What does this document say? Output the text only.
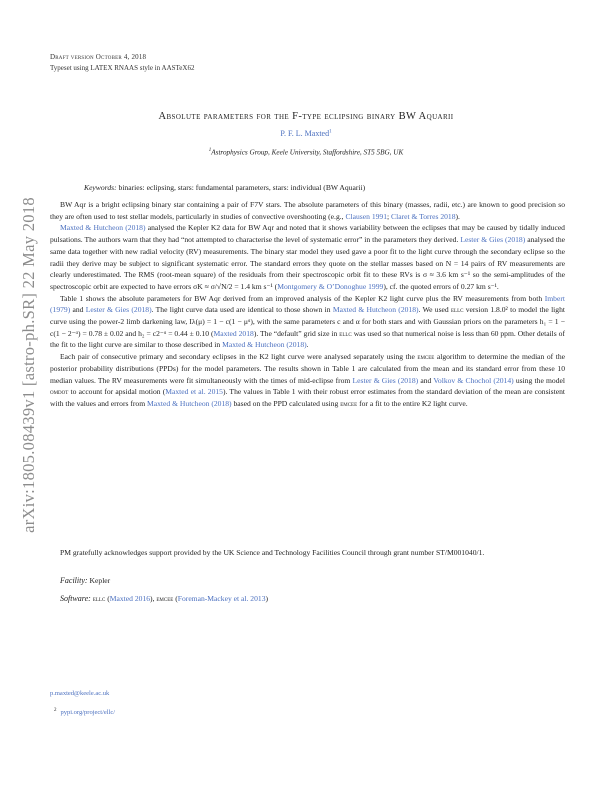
Draft version October 4, 2018
Typeset using LATEX RNAAS style in AASTeX62
arXiv:1805.08439v1 [astro-ph.SR] 22 May 2018
Absolute parameters for the F-type eclipsing binary BW Aquarii
P. F. L. Maxted$^1$
$^1$Astrophysics Group, Keele University, Staffordshire, ST5 5BG, UK
Keywords: binaries: eclipsing, stars: fundamental parameters, stars: individual (BW Aquarii)

BW Aqr is a bright eclipsing binary star containing a pair of F7V stars. The absolute parameters of this binary (masses, radii, etc.) are known to good precision so they are often used to test stellar models, particularly in studies of convective overshooting (e.g., Clausen 1991; Claret & Torres 2018).

Maxted & Hutcheon (2018) analysed the Kepler K2 data for BW Aqr and noted that it shows variability between the eclipses that may be caused by tidally induced pulsations. The authors warn that they had “not attempted to characterise the level of systematic error” in the parameters they derived. Lester & Gies (2018) analysed the same data together with new radial velocity (RV) measurements. The binary star model they used gave a poor fit to the light curve through the secondary eclipse so the radii they derive may be subject to significant systematic error. The standard errors they quote on the stellar masses based on N = 14 pairs of RV measurements are clearly underestimated. The RMS (root-mean square) of the residuals from their spectroscopic orbit fit to these RVs is σ ≈ 3.6 km s⁻¹ so the semi-amplitudes of the spectroscopic orbit are expected to have errors σK ≈ σ/√N/2 = 1.4 km s⁻¹ (Montgomery & O’Donoghue 1999), cf. the quoted errors of 0.27 km s⁻¹.

Table 1 shows the absolute parameters for BW Aqr derived from an improved analysis of the Kepler K2 light curve plus the RV measurements from both Imbert (1979) and Lester & Gies (2018). The light curve data used are identical to those shown in Maxted & Hutcheon (2018). We used ellc version 1.8.0² to model the light curve using the power-2 limb darkening law, Iλ(μ) = 1 − c(1 − μᵅ), with the same parameters c and α for both stars and with Gaussian priors on the parameters h₁ = 1 − c(1 − 2⁻ᵅ) = 0.78 ± 0.02 and h₂ = c2⁻ᵅ = 0.44 ± 0.10 (Maxted 2018). The “default” grid size in ellc was used so that numerical noise is less than 60 ppm. Other details of the fit to the light curve are similar to those described in Maxted & Hutcheon (2018).

Each pair of consecutive primary and secondary eclipses in the K2 light curve were analysed separately using the emcee algorithm to determine the median of the posterior probability distributions (PPDs) for the model parameters. The results shown in Table 1 are calculated from the mean and its standard error from these 10 median values. The RV measurements were fit simultaneously with the times of mid-eclipse from Lester & Gies (2018) and Volkov & Chochol (2014) using the model omdot to account for apsidal motion (Maxted et al. 2015). The values in Table 1 with their robust error estimates from the standard deviation of the mean are consistent with the values and errors from Maxted & Hutcheon (2018) based on the PPD calculated using emcee for a fit to the entire K2 light curve.

PM gratefully acknowledges support provided by the UK Science and Technology Facilities Council through grant number ST/M001040/1.
Facility: Kepler
Software: ellc (Maxted 2016), emcee (Foreman-Mackey et al. 2013)
p.maxted@keele.ac.uk
$^2$ pypi.org/project/ellc/
